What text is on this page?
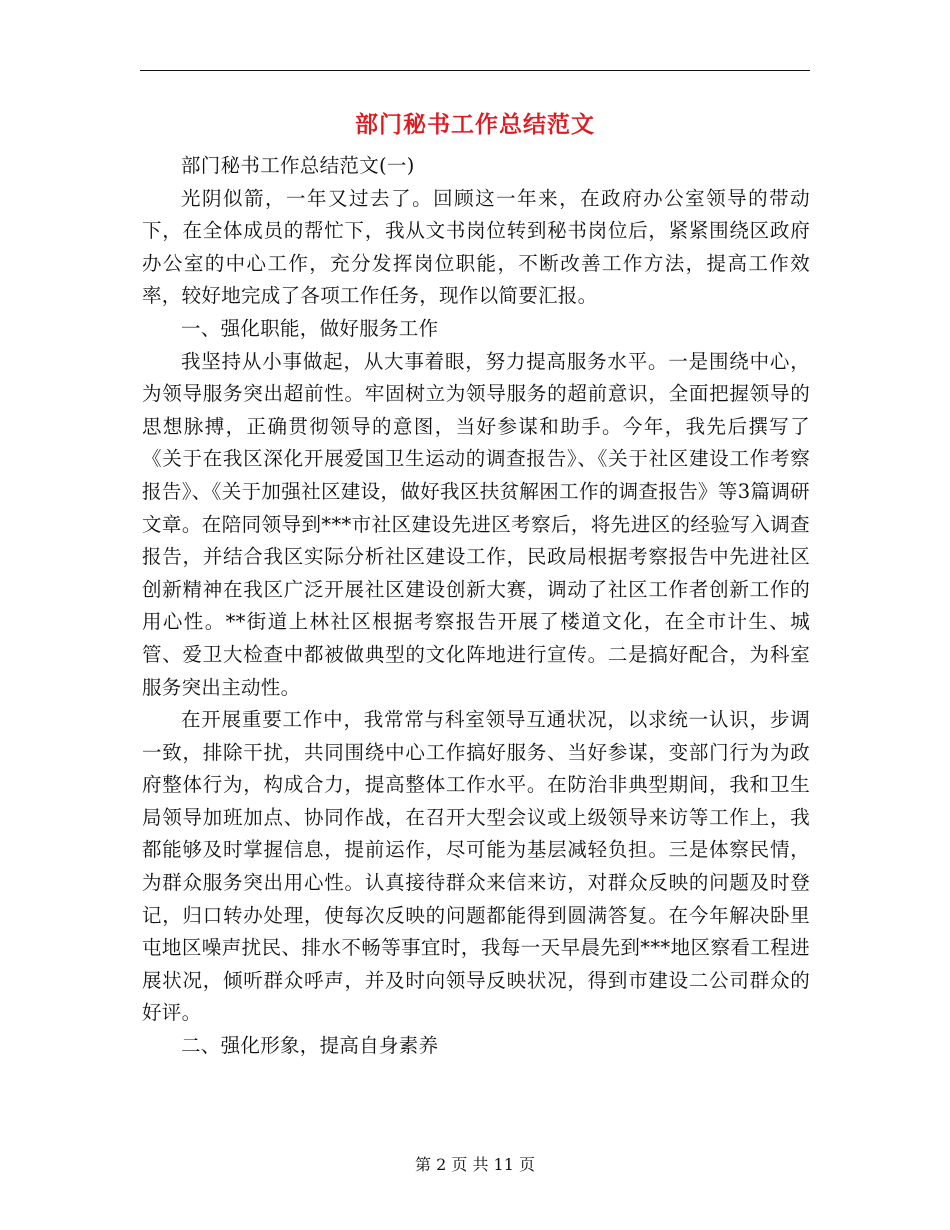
部门秘书工作总结范文

部门秘书工作总结范文(一)

光阴似箭，一年又过去了。回顾这一年来，在政府办公室领导的带动下，在全体成员的帮忙下，我从文书岗位转到秘书岗位后，紧紧围绕区政府办公室的中心工作，充分发挥岗位职能，不断改善工作方法，提高工作效率，较好地完成了各项工作任务，现作以简要汇报。

一、强化职能，做好服务工作

我坚持从小事做起，从大事着眼，努力提高服务水平。一是围绕中心，为领导服务突出超前性。牢固树立为领导服务的超前意识，全面把握领导的思想脉搏，正确贯彻领导的意图，当好参谋和助手。今年，我先后撰写了《关于在我区深化开展爱国卫生运动的调查报告》、《关于社区建设工作考察报告》、《关于加强社区建设，做好我区扶贫解困工作的调查报告》等3篇调研文章。在陪同领导到***市社区建设先进区考察后，将先进区的经验写入调查报告，并结合我区实际分析社区建设工作，民政局根据考察报告中先进社区创新精神在我区广泛开展社区建设创新大赛，调动了社区工作者创新工作的用心性。**街道上林社区根据考察报告开展了楼道文化，在全市计生、城管、爱卫大检查中都被做典型的文化阵地进行宣传。二是搞好配合，为科室服务突出主动性。

在开展重要工作中，我常常与科室领导互通状况，以求统一认识，步调一致，排除干扰，共同围绕中心工作搞好服务、当好参谋，变部门行为为政府整体行为，构成合力，提高整体工作水平。在防治非典型期间，我和卫生局领导加班加点、协同作战，在召开大型会议或上级领导来访等工作上，我都能够及时掌握信息，提前运作，尽可能为基层减轻负担。三是体察民情，为群众服务突出用心性。认真接待群众来信来访，对群众反映的问题及时登记，归口转办处理，使每次反映的问题都能得到圆满答复。在今年解决卧里屯地区噪声扰民、排水不畅等事宜时，我每一天早晨先到***地区察看工程进展状况，倾听群众呼声，并及时向领导反映状况，得到市建设二公司群众的好评。

二、强化形象，提高自身素养

第 2 页 共 11 页
